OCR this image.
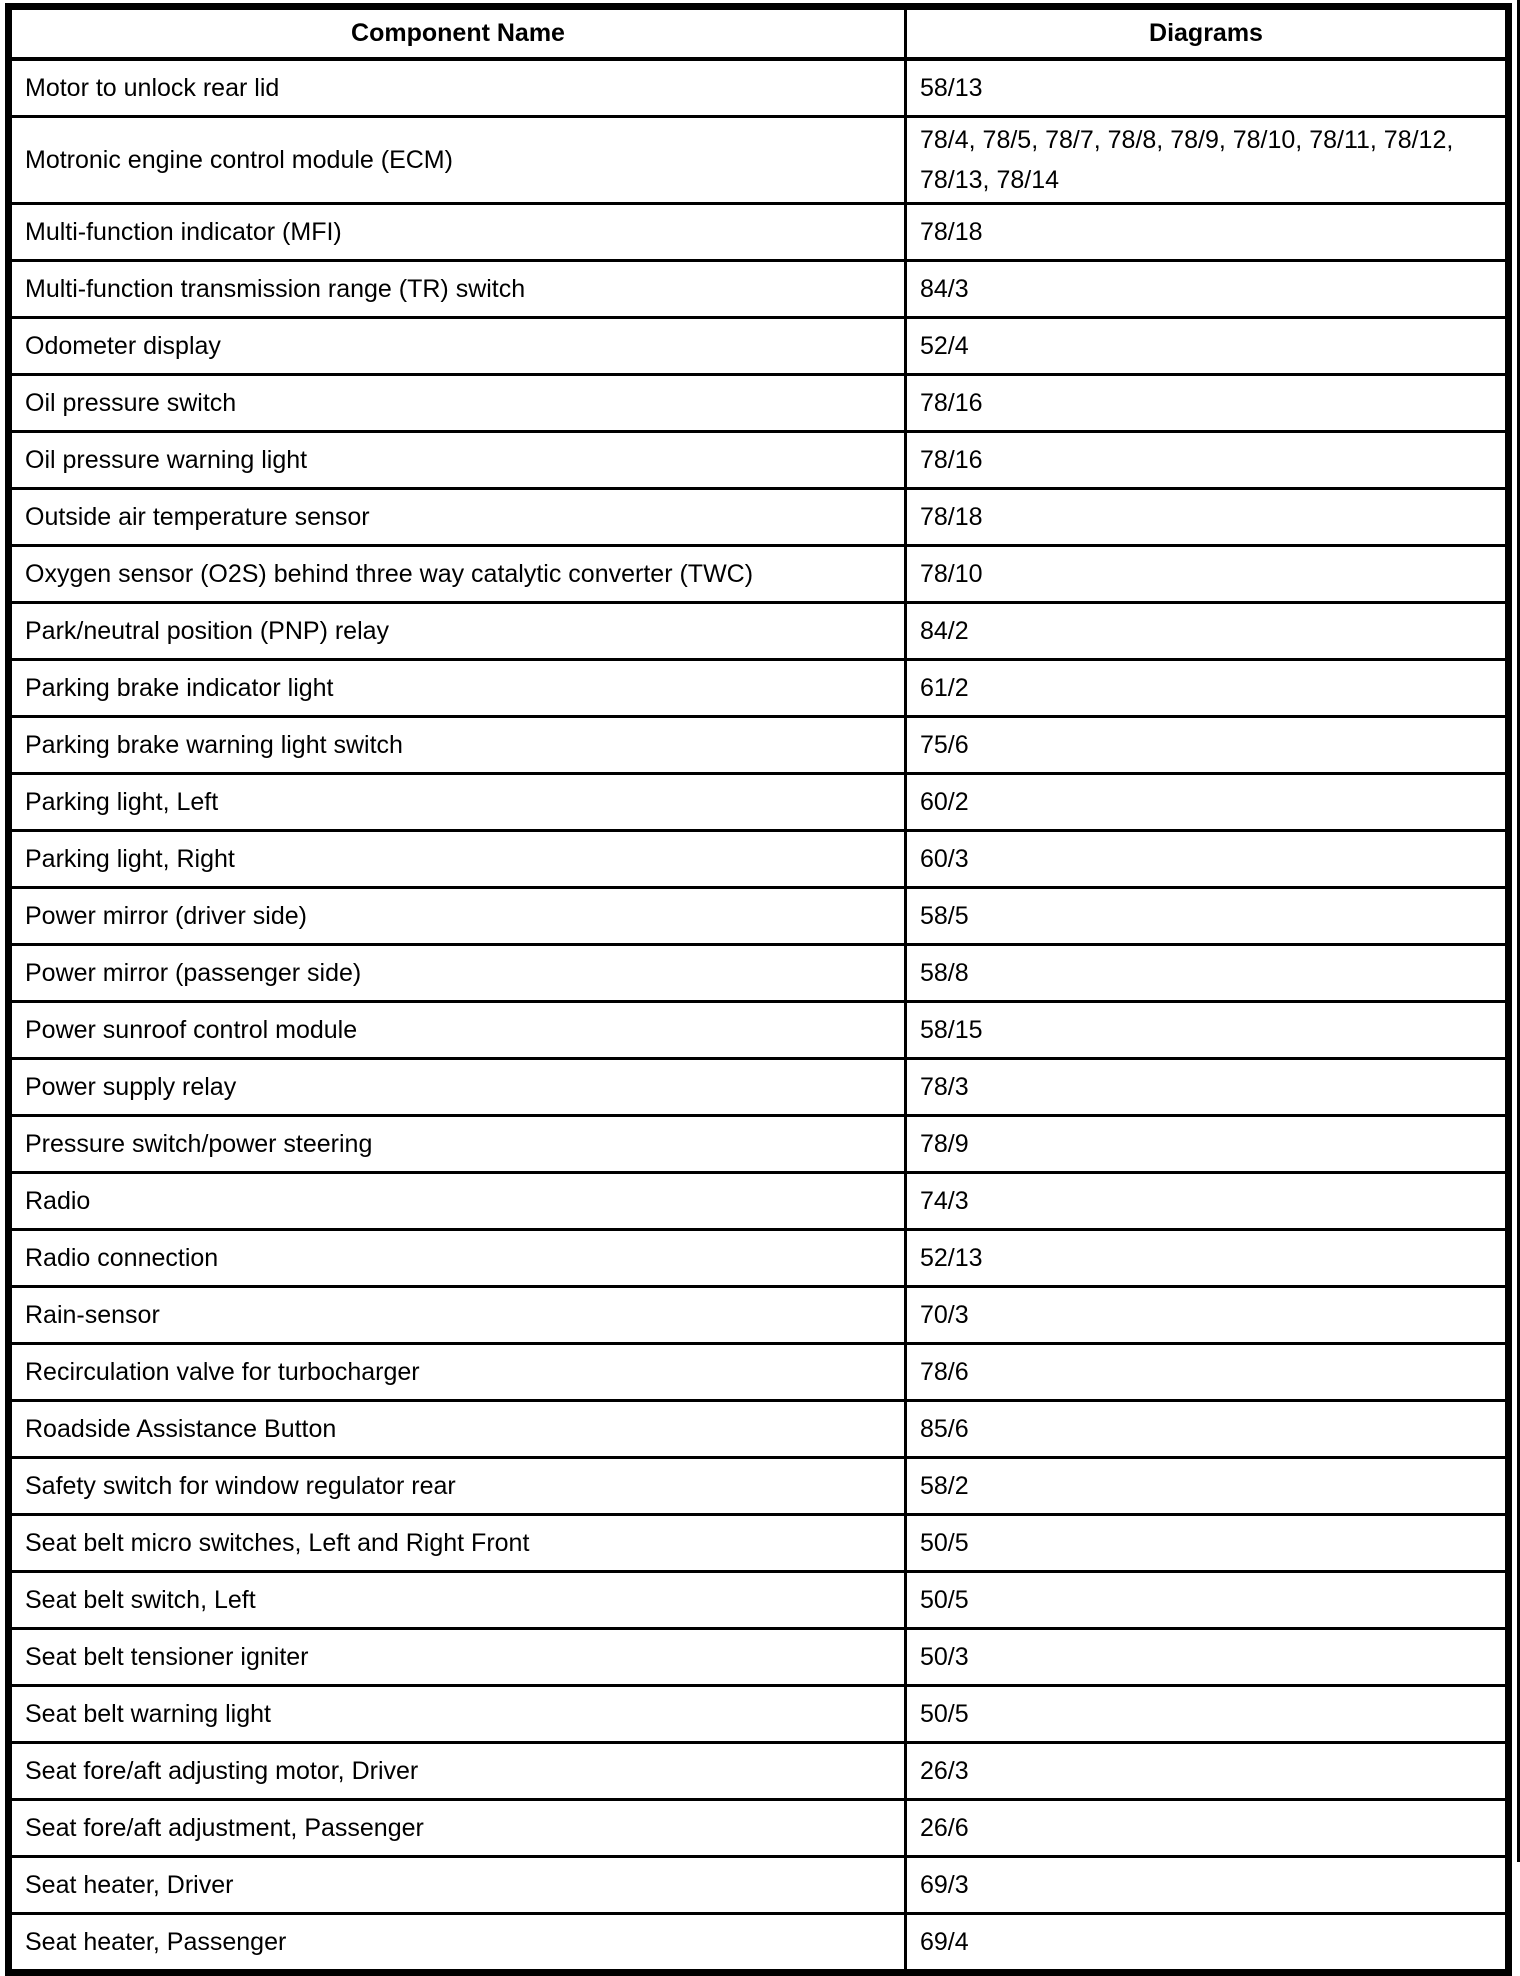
Component Name	Diagrams
Motor to unlock rear lid	58/13
Motronic engine control module (ECM)	78/4, 78/5, 78/7, 78/8, 78/9, 78/10, 78/11, 78/12, 78/13, 78/14
Multi-function indicator (MFI)	78/18
Multi-function transmission range (TR) switch	84/3
Odometer display	52/4
Oil pressure switch	78/16
Oil pressure warning light	78/16
Outside air temperature sensor	78/18
Oxygen sensor (O2S) behind three way catalytic converter (TWC)	78/10
Park/neutral position (PNP) relay	84/2
Parking brake indicator light	61/2
Parking brake warning light switch	75/6
Parking light, Left	60/2
Parking light, Right	60/3
Power mirror (driver side)	58/5
Power mirror (passenger side)	58/8
Power sunroof control module	58/15
Power supply relay	78/3
Pressure switch/power steering	78/9
Radio	74/3
Radio connection	52/13
Rain-sensor	70/3
Recirculation valve for turbocharger	78/6
Roadside Assistance Button	85/6
Safety switch for window regulator rear	58/2
Seat belt micro switches, Left and Right Front	50/5
Seat belt switch, Left	50/5
Seat belt tensioner igniter	50/3
Seat belt warning light	50/5
Seat fore/aft adjusting motor, Driver	26/3
Seat fore/aft adjustment, Passenger	26/6
Seat heater, Driver	69/3
Seat heater, Passenger	69/4
